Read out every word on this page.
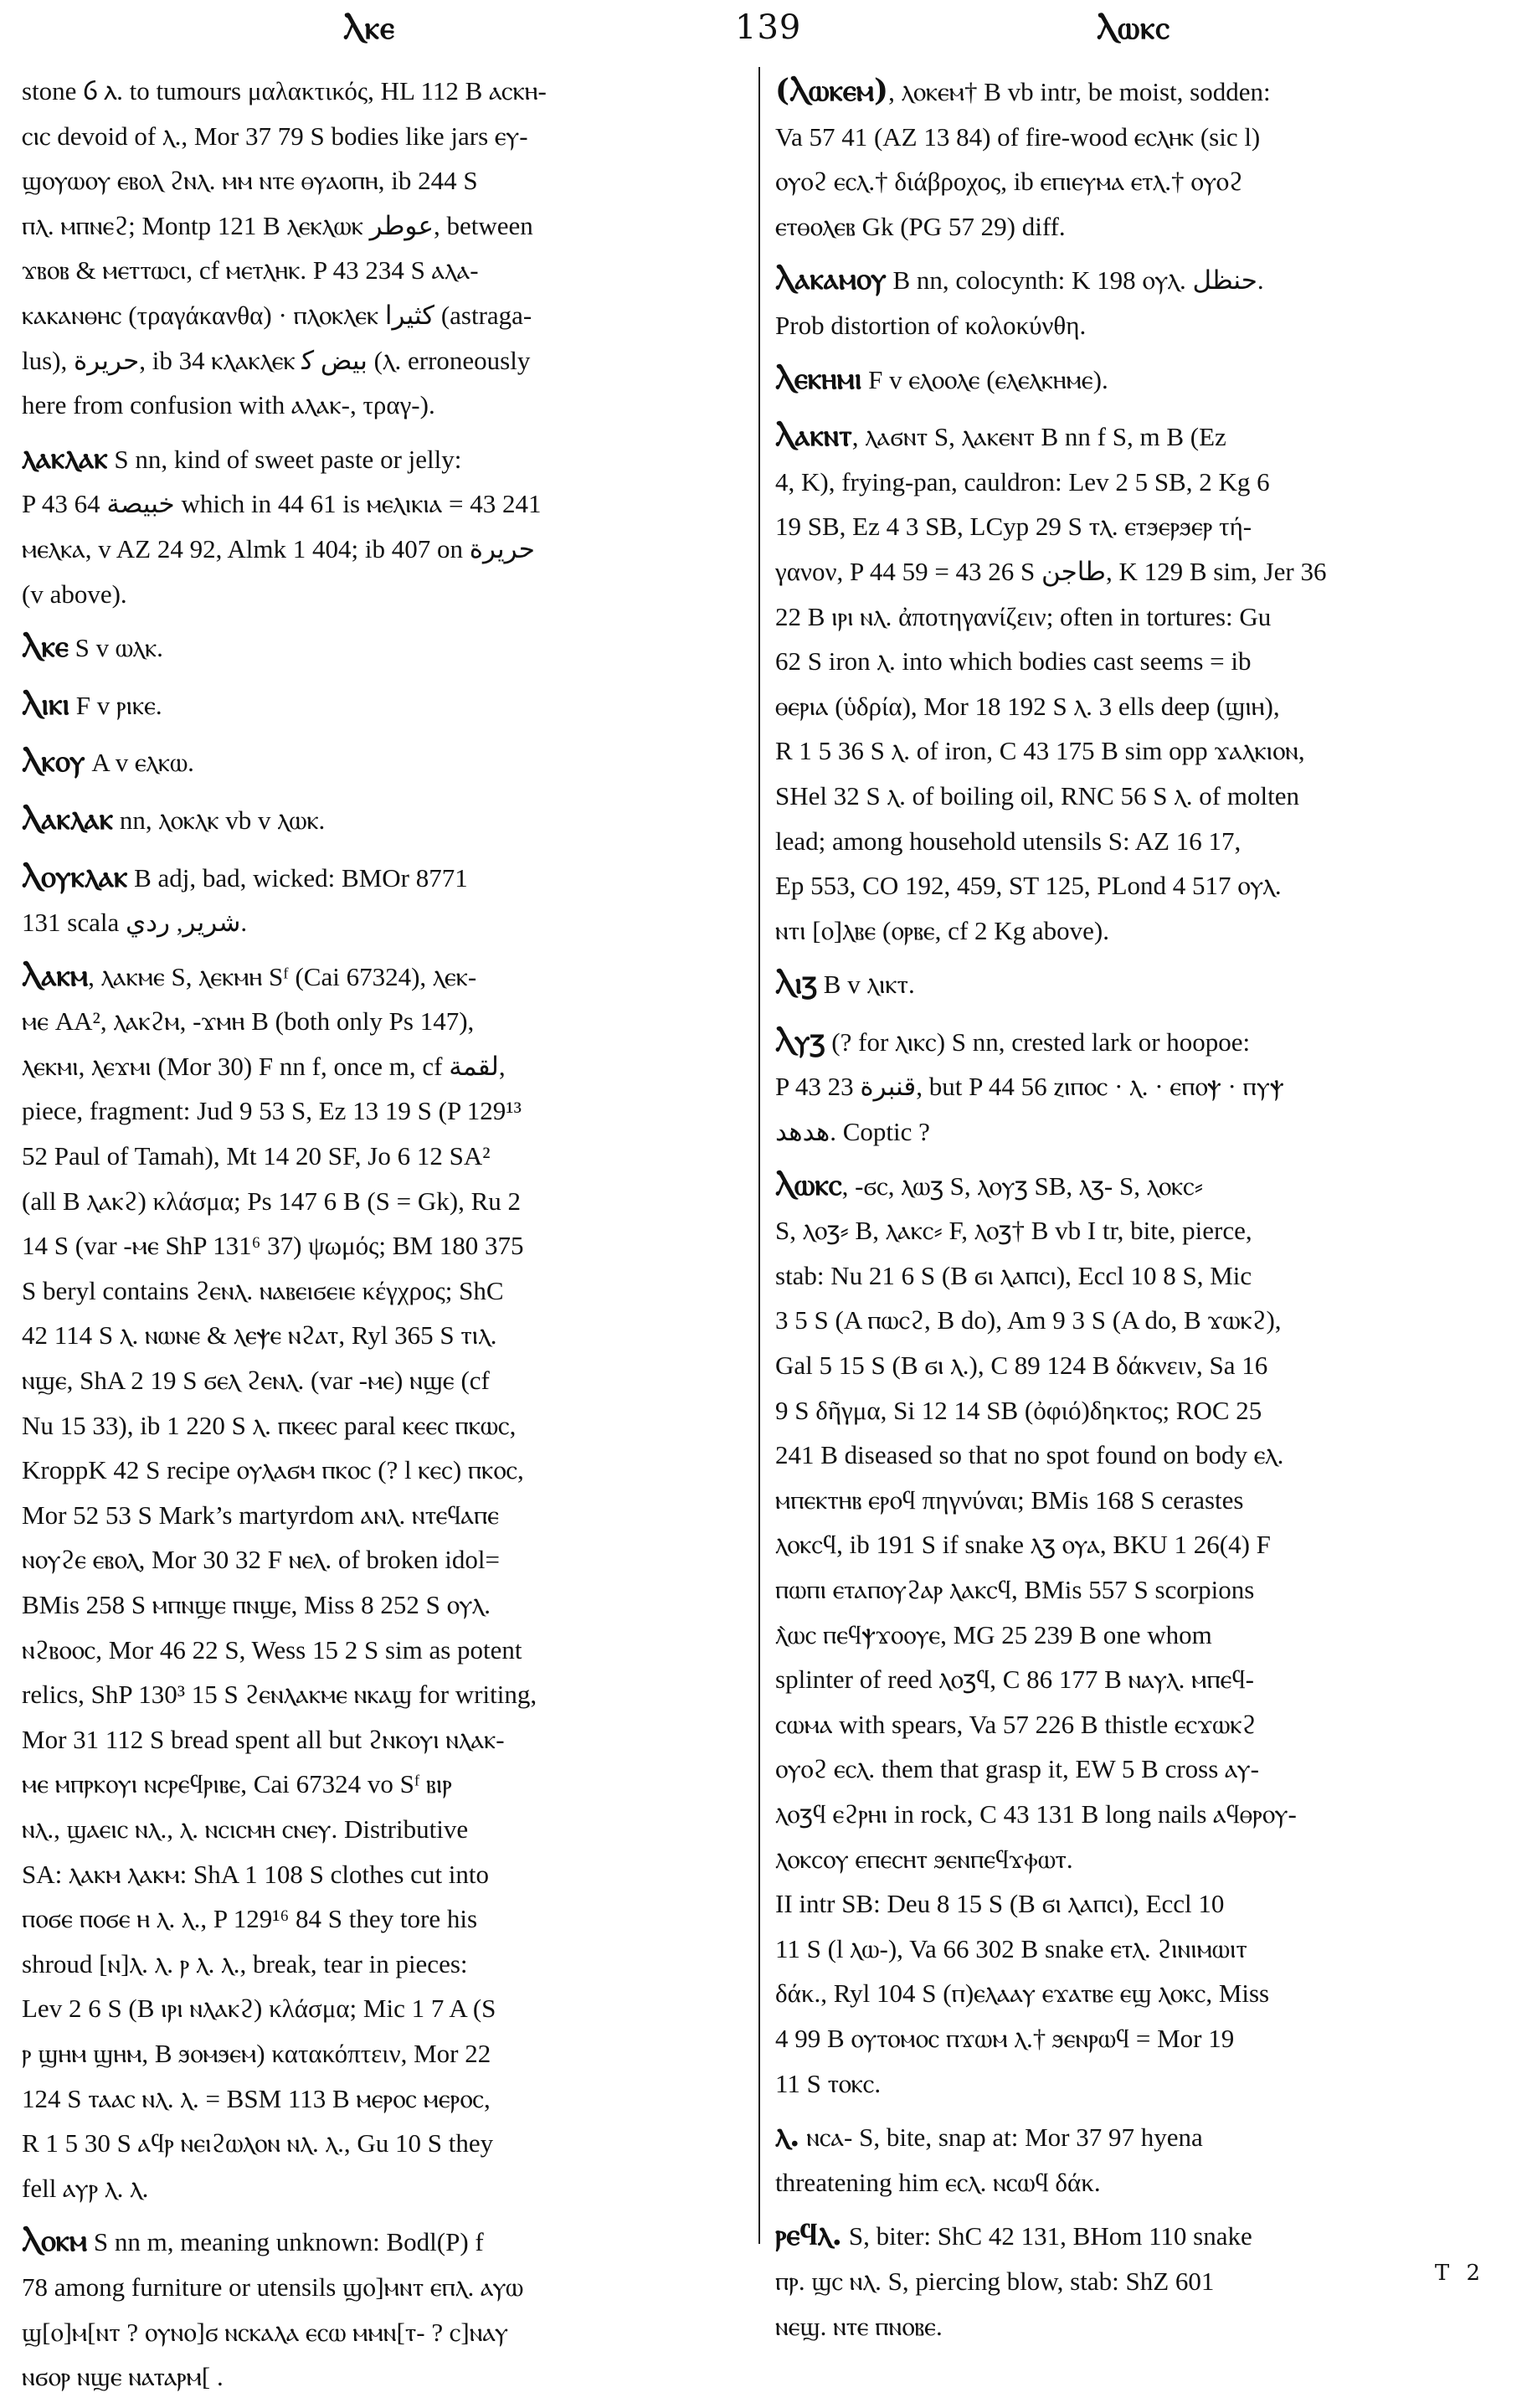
Ⲗⲕⲉ	139	Ⲗⲱⲕⲥ
stone ⳓ ⲗ. to tumours μαλακτικός, HL 112 B ⲁⲥⲕⲏ-
ⲥⲓⲥ devoid of ⲗ., Mor 37 79 S bodies like jars ⲉⲩ-
ϣⲟⲩⲱⲟⲩ ⲉⲃⲟⲗ ϩⲛⲗ. ⲙⲙ ⲛⲧⲉ ⲑⲩⲁⲟⲡⲏ, ib 244 S
ⲡⲗ. ⲙⲡⲛⲉϩ; Montp 121 B ⲗⲉⲕⲗⲱⲕ ﻋﻮﻃﺮ, between
ϫⲃⲟⲃ & ⲙⲉⲧⲧⲱⲥⲓ, cf ⲙⲉⲧⲗⲏⲕ. P 43 234 S ⲁⲗⲁ-
ⲕⲁⲕⲁⲛⲑⲏⲥ (τραγάκανθα) · ⲡⲗⲟⲕⲗⲉⲕ ﻛﺜﻴﺮا (astraga-
lus), ﺣﺮﻳﺮة, ib 34 ⲕⲗⲁⲕⲗⲉⲕ ﺑﻴﺾ ﻛ (ⲗ. erroneously
here from confusion with ⲁⲗⲁⲕ-, τραγ-).
ⲗⲁⲕⲗⲁⲕ S nn, kind of sweet paste or jelly:
P 43 64 ﺧﺒﻴﺼﺔ which in 44 61 is ⲙⲉⲗⲓⲕⲓⲁ = 43 241
ⲙⲉⲗⲕⲁ, v AZ 24 92, Almk 1 404; ib 407 on ﺣﺮﻳﺮة
(v above).
Ⲗⲕⲉ S v ⲱⲗⲕ.
Ⲗⲓⲕⲓ F v ⲣⲓⲕⲉ.
Ⲗⲕⲟⲩ A v ⲉⲗⲕⲱ.
Ⲗⲁⲕⲗⲁⲕ nn, ⲗⲟⲕⲗⲕ vb v ⲗⲱⲕ.
Ⲗⲟⲩⲕⲗⲁⲕ B adj, bad, wicked: BMOr 8771
131 scala ﺷﺮﻳﺮ, ﺭﺩﻱ.
Ⲗⲁⲕⲙ, ⲗⲁⲕⲙⲉ S, ⲗⲉⲕⲙⲏ Sᶠ (Cai 67324), ⲗⲉⲕ-
ⲙⲉ AA², ⲗⲁⲕϩⲙ, -ϫⲙⲏ B (both only Ps 147),
ⲗⲉⲕⲙⲓ, ⲗⲉϫⲙⲓ (Mor 30) F nn f, once m, cf ﻟﻘﻤﺔ,
piece, fragment: Jud 9 53 S, Ez 13 19 S (P 129¹³
52 Paul of Tamah), Mt 14 20 SF, Jo 6 12 SA²
(all B ⲗⲁⲕϩ) κλάσμα; Ps 147 6 B (S = Gk), Ru 2
14 S (var -ⲙⲉ ShP 131⁶ 37) ψωμός; BM 180 375
S beryl contains ϩⲉⲛⲗ. ⲛⲁⲃⲉⲓϭⲉⲓⲉ κέγχρος; ShC
42 114 S ⲗ. ⲛⲱⲛⲉ & ⲗⲉⲯⲉ ⲛϩⲁⲧ, Ryl 365 S ⲧⲓⲗ.
ⲛϣⲉ, ShA 2 19 S ϭⲉⲗ ϩⲉⲛⲗ. (var -ⲙⲉ) ⲛϣⲉ (cf
Nu 15 33), ib 1 220 S ⲗ. ⲡⲕⲉⲉⲥ paral ⲕⲉⲉⲥ ⲡⲕⲱⲥ,
KroppK 42 S recipe ⲟⲩⲗⲁϭⲙ ⲡⲕⲟⲥ (? l ⲕⲉⲥ) ⲡⲕⲟⲥ,
Mor 52 53 S Mark’s martyrdom ⲁⲛⲗ. ⲛⲧⲉϥⲁⲡⲉ
ⲛⲟⲩϩⲉ ⲉⲃⲟⲗ, Mor 30 32 F ⲛⲉⲗ. of broken idol=
BMis 258 S ⲙⲡⲛϣⲉ ⲡⲛϣⲉ, Miss 8 252 S ⲟⲩⲗ.
ⲛϩⲃⲟⲟⲥ, Mor 46 22 S, Wess 15 2 S sim as potent
relics, ShP 130³ 15 S ϩⲉⲛⲗⲁⲕⲙⲉ ⲛⲕⲁϣ for writing,
Mor 31 112 S bread spent all but ϩⲛⲕⲟⲩⲓ ⲛⲗⲁⲕ-
ⲙⲉ ⲙⲡⲣⲕⲟⲩⲓ ⲛⲥⲣⲉϥⲣⲓⲃⲉ, Cai 67324 vo Sᶠ ⲃⲓⲣ
ⲛⲗ., ϣⲁⲉⲓⲥ ⲛⲗ., ⲗ. ⲛⲥⲓⲥⲙⲏ ⲥⲛⲉⲩ. Distributive
SA: ⲗⲁⲕⲙ ⲗⲁⲕⲙ: ShA 1 108 S clothes cut into
ⲡⲟϭⲉ ⲡⲟϭⲉ ⲏ ⲗ. ⲗ., P 129¹⁶ 84 S they tore his
shroud [ⲛ]ⲗ. ⲗ. ⲣ ⲗ. ⲗ., break, tear in pieces:
Lev 2 6 S (B ⲓⲣⲓ ⲛⲗⲁⲕϩ) κλάσμα; Mic 1 7 A (S
ⲣ ϣⲏⲙ ϣⲏⲙ, B ϧⲟⲙϧⲉⲙ) κατακόπτειν, Mor 22
124 S ⲧⲁⲁⲥ ⲛⲗ. ⲗ. = BSM 113 B ⲙⲉⲣⲟⲥ ⲙⲉⲣⲟⲥ,
R 1 5 30 S ⲁϥⲣ ⲛⲉⲓϩⲱⲗⲟⲛ ⲛⲗ. ⲗ., Gu 10 S they
fell ⲁⲩⲣ ⲗ. ⲗ.
Ⲗⲟⲕⲙ S nn m, meaning unknown: Bodl(P) f
78 among furniture or utensils ϣⲟ]ⲙⲛⲧ ⲉⲡⲗ. ⲁⲩⲱ
ϣ[ⲟ]ⲙ[ⲛⲧ ? ⲟⲩⲛⲟ]ϭ ⲛⲥⲕⲁⲗⲁ ⲉⲥⲱ ⲙⲙⲛ[ⲧ- ? ⲥ]ⲛⲁⲩ
ⲛϭⲟⲣ ⲛϣⲉ ⲛⲁⲧⲁⲣⲙ[ .
(Ⲗⲱⲕⲉⲙ), ⲗⲟⲕⲉⲙ† B vb intr, be moist, sodden:
Va 57 41 (AZ 13 84) of fire-wood ⲉⲥⲗⲏⲕ (sic l)
ⲟⲩⲟϩ ⲉⲥⲗ.† διάβροχος, ib ⲉⲡⲓⲉⲩⲙⲁ ⲉⲧⲗ.† ⲟⲩⲟϩ
ⲉⲧⲑⲟⲗⲉⲃ Gk (PG 57 29) diff.
Ⲗⲁⲕⲁⲙⲟⲩ B nn, colocynth: K 198 ⲟⲩⲗ. ﺣﻨﻈﻞ.
Prob distortion of κολοκύνθη.
Ⲗⲉⲕⲏⲙⲓ F v ⲉⲗⲟⲟⲗⲉ (ⲉⲗⲉⲗⲕⲏⲙⲉ).
Ⲗⲁⲕⲛⲧ, ⲗⲁϭⲛⲧ S, ⲗⲁⲕⲉⲛⲧ B nn f S, m B (Ez
4, K), frying-pan, cauldron: Lev 2 5 SB, 2 Kg 6
19 SB, Ez 4 3 SB, LCyp 29 S ⲧⲗ. ⲉⲧϧⲉⲣϧⲉⲣ τή-
γανον, P 44 59 = 43 26 S ﻃﺎﺟﻦ, K 129 B sim, Jer 36
22 B ⲓⲣⲓ ⲛⲗ. ἀποτηγανίζειν; often in tortures: Gu
62 S iron ⲗ. into which bodies cast seems = ib
ⲑⲉⲣⲓⲁ (ὑδρία), Mor 18 192 S ⲗ. 3 ells deep (ϣⲓⲏ),
R 1 5 36 S ⲗ. of iron, C 43 175 B sim opp ϫⲁⲗⲕⲓⲟⲛ,
SHel 32 S ⲗ. of boiling oil, RNC 56 S ⲗ. of molten
lead; among household utensils S: AZ 16 17,
Ep 553, CO 192, 459, ST 125, PLond 4 517 ⲟⲩⲗ.
ⲛⲧⲓ [ⲟ]ⲗⲃⲉ (ⲟⲣⲃⲉ, cf 2 Kg above).
Ⲗⲓⳅ B v ⲗⲓⲕⲧ.
Ⲗⲩⳅ (? for ⲗⲓⲕⲥ) S nn, crested lark or hoopoe:
P 43 23 ﻗﻨﺒﺮة, but P 44 56 ⲍⲓⲡⲟⲥ · ⲗ. · ⲉⲡⲟⲯ · ⲡⲩⲯ
ﻫﺪﻫﺪ. Coptic ?
Ⲗⲱⲕⲥ, -ϭⲥ, ⲗⲱⳅ S, ⲗⲟⲩⳅ SB, ⲗⳅ- S, ⲗⲟⲕⲥ⸗
S, ⲗⲟⳅ⸗ B, ⲗⲁⲕⲥ⸗ F, ⲗⲟⳅ† B vb I tr, bite, pierce,
stab: Nu 21 6 S (B ϭⲓ ⲗⲁⲡⲥⲓ), Eccl 10 8 S, Mic
3 5 S (A ⲡⲱⲥϩ, B do), Am 9 3 S (A do, B ϫⲱⲕϩ),
Gal 5 15 S (B ϭⲓ ⲗ.), C 89 124 B δάκνειν, Sa 16
9 S δῆγμα, Si 12 14 SB (ὀφιό)δηκτος; ROC 25
241 B diseased so that no spot found on body ⲉⲗ.
ⲙⲡⲉⲕⲧⲏⲃ ⲉⲣⲟϥ πηγνύναι; BMis 168 S cerastes
ⲗⲟⲕⲥϥ, ib 191 S if snake ⲗⳅ ⲟⲩⲁ, BKU 1 26(4) F
ⲡⲱⲡⲓ ⲉⲧⲁⲡⲟⲩϩⲁⲣ ⲗⲁⲕⲥϥ, BMis 557 S scorpions
ⲗ̀ⲱⲥ ⲡⲉϥⲯϫⲟⲟⲩⲉ, MG 25 239 B one whom
splinter of reed ⲗⲟⳅϥ, C 86 177 B ⲛⲁⲩⲗ. ⲙⲡⲉϥ-
ⲥⲱⲙⲁ with spears, Va 57 226 B thistle ⲉⲥϫⲱⲕϩ
ⲟⲩⲟϩ ⲉⲥⲗ. them that grasp it, EW 5 B cross ⲁⲩ-
ⲗⲟⳅϥ ⲉϩⲣⲏⲓ in rock, C 43 131 B long nails ⲁϥⲑⲣⲟⲩ-
ⲗⲟⲕⲥⲟⲩ ⲉⲡⲉⲥⲏⲧ ϧⲉⲛⲡⲉϥϫⲫⲱⲧ.
II intr SB: Deu 8 15 S (B ϭⲓ ⲗⲁⲡⲥⲓ), Eccl 10
11 S (l ⲗⲱ-), Va 66 302 B snake ⲉⲧⲗ. ϩⲓⲛⲓⲙⲱⲓⲧ
δάκ., Ryl 104 S (ⲡ)ⲉⲗⲁⲁⲩ ⲉϫⲁⲧⲃⲉ ⲉϣ ⲗⲟⲕⲥ, Miss
4 99 B ⲟⲩⲧⲟⲙⲟⲥ ⲡϫⲱⲙ ⲗ.† ϧⲉⲛⲣⲱϥ = Mor 19
11 S ⲧⲟⲕⲥ.
ⲗ. ⲛⲥⲁ- S, bite, snap at: Mor 37 97 hyena
threatening him ⲉⲥⲗ. ⲛⲥⲱϥ δάκ.
ⲣⲉϥⲗ. S, biter: ShC 42 131, BHom 110 snake
ⲡⲣ. ϣⲥ ⲛⲗ. S, piercing blow, stab: ShZ 601
ⲛⲉϣ. ⲛⲧⲉ ⲡⲛⲟⲃⲉ.
T 2
